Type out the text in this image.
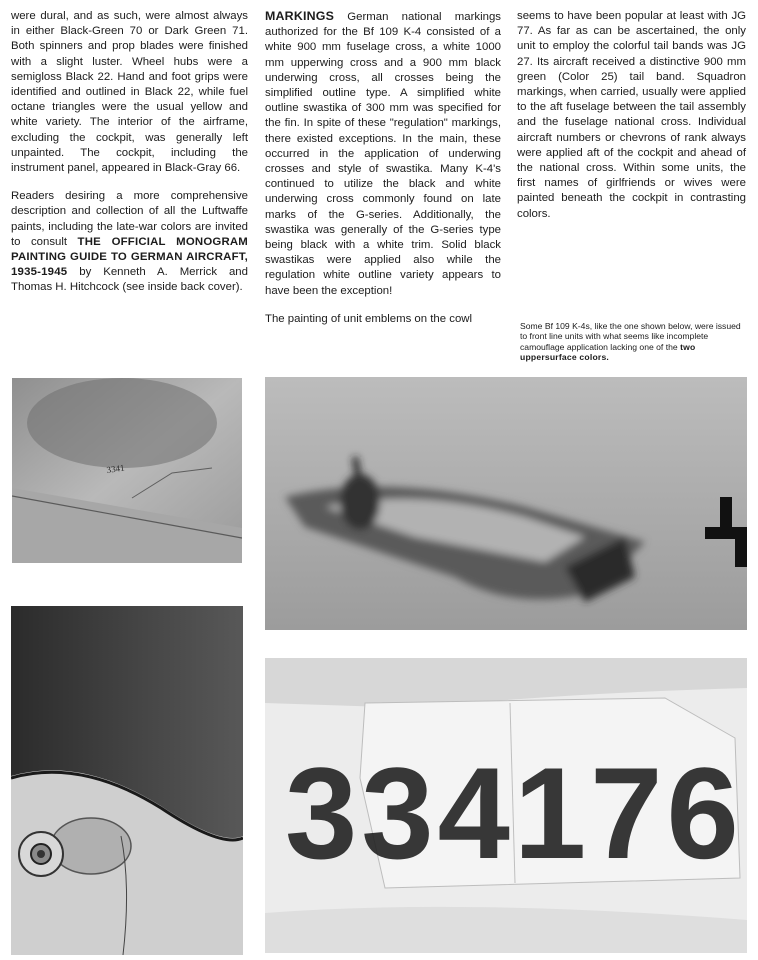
were dural, and as such, were almost always in either Black-Green 70 or Dark Green 71. Both spinners and prop blades were finished with a slight luster. Wheel hubs were a semigloss Black 22. Hand and foot grips were identified and outlined in Black 22, while fuel octane triangles were the usual yellow and white variety. The interior of the airframe, excluding the cockpit, was generally left unpainted. The cockpit, including the instrument panel, appeared in Black-Gray 66.

Readers desiring a more comprehensive description and collection of all the Luftwaffe paints, including the late-war colors are invited to consult THE OFFICIAL MONOGRAM PAINTING GUIDE TO GERMAN AIRCRAFT, 1935-1945 by Kenneth A. Merrick and Thomas H. Hitchcock (see inside back cover).

MARKINGS German national markings authorized for the Bf 109 K-4 consisted of a white 900 mm fuselage cross, a white 1000 mm upperwing cross and a 900 mm black underwing cross, all crosses being the simplified outline type. A simplified white outline swastika of 300 mm was specified for the fin. In spite of these "regulation" markings, there existed exceptions. In the main, these occurred in the application of underwing crosses and style of swastika. Many K-4's continued to utilize the black and white underwing cross commonly found on late marks of the G-series. Additionally, the swastika was generally of the G-series type being black with a white trim. Solid black swastikas were applied also while the regulation white outline variety appears to have been the exception!

The painting of unit emblems on the cowl

seems to have been popular at least with JG 77. As far as can be ascertained, the only unit to employ the colorful tail bands was JG 27. Its aircraft received a distinctive 900 mm green (Color 25) tail band. Squadron markings, when carried, usually were applied to the aft fuselage between the tail assembly and the fuselage national cross. Individual aircraft numbers or chevrons of rank always were applied aft of the cockpit and ahead of the national cross. Within some units, the first names of girlfriends or wives were painted beneath the cockpit in contrasting colors.

Some Bf 109 K-4s, like the one shown below, were issued to front line units with what seems like incomplete camouflage application lacking one of the two uppersurface colors.
3341
334176
